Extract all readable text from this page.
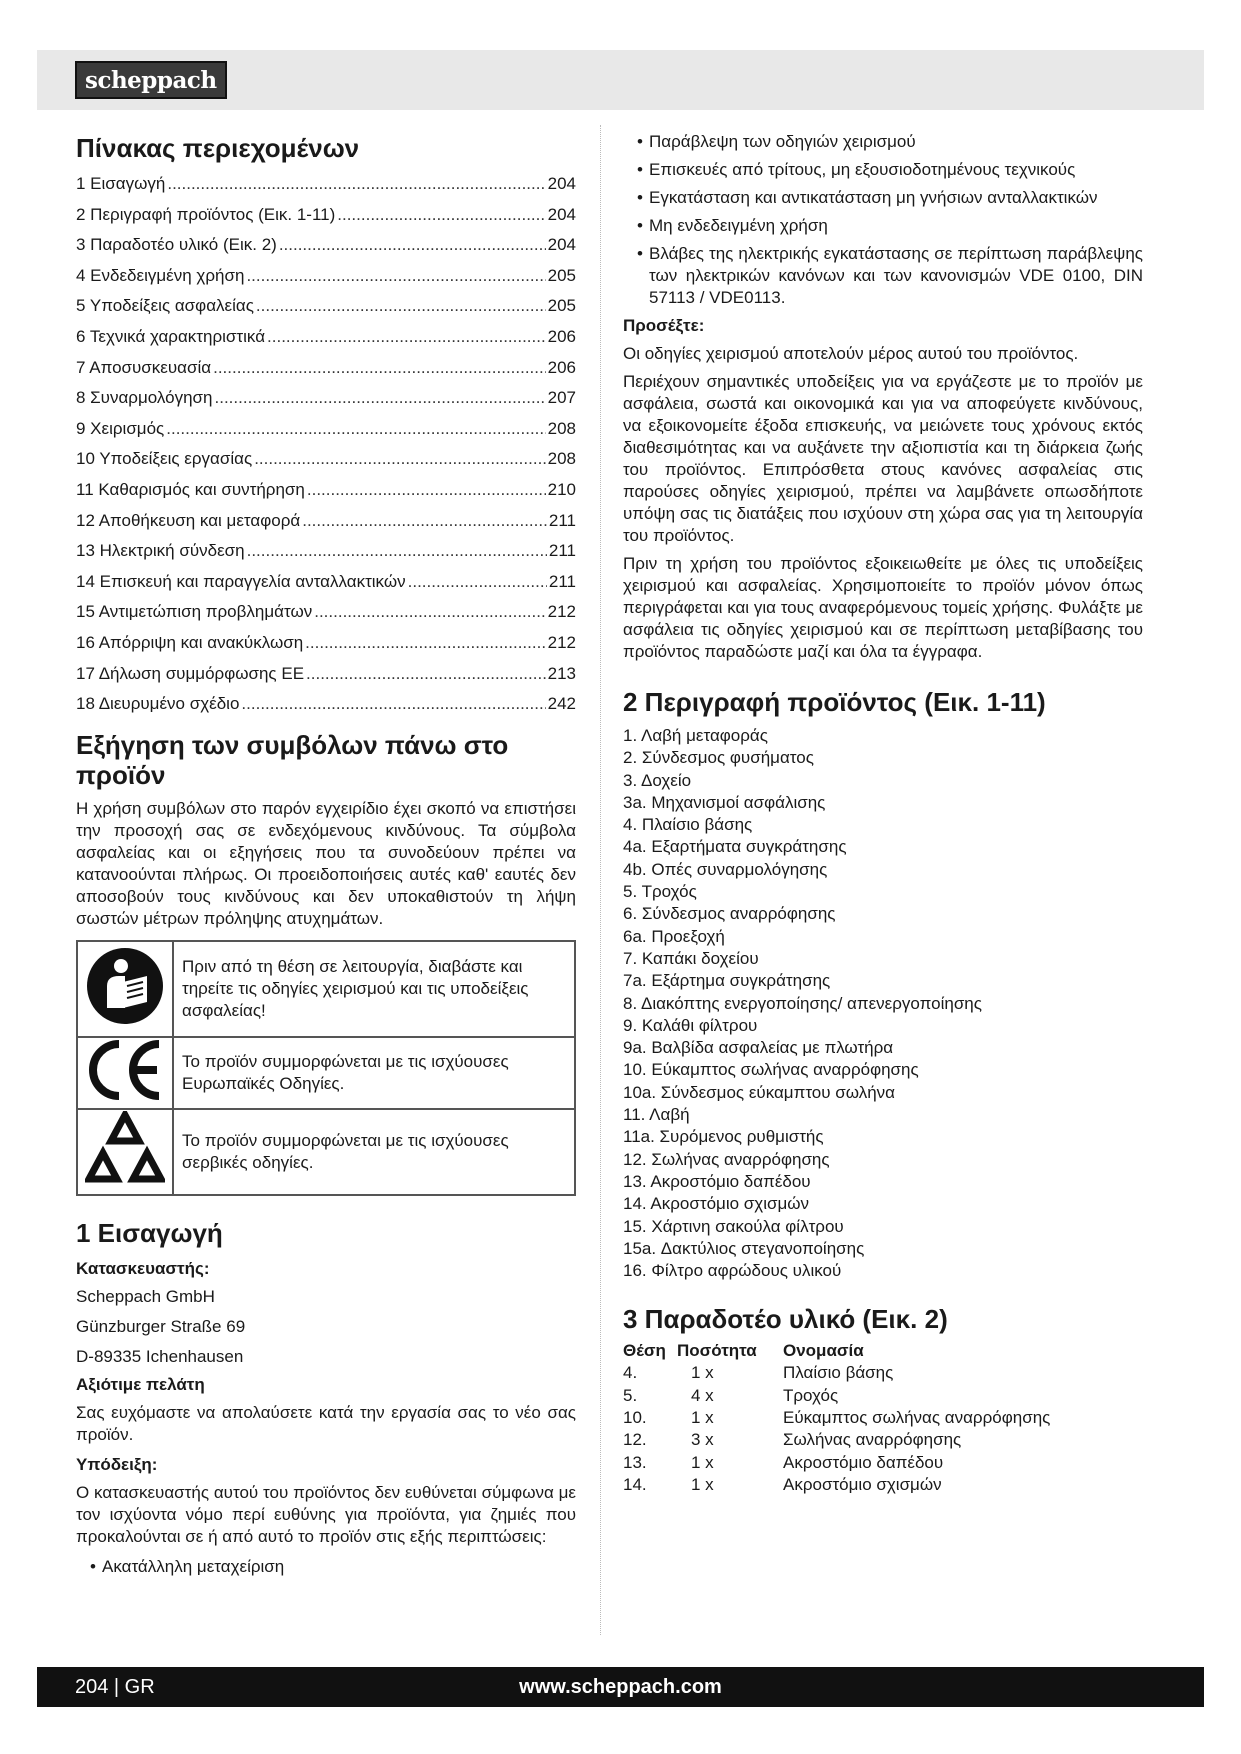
scheppach
Πίνακας περιεχομένων
1 Εισαγωγή .....	204
2 Περιγραφή προϊόντος (Εικ. 1-11) .....	204
3 Παραδοτέο υλικό (Εικ. 2) .....	204
4 Ενδεδειγμένη χρήση .....	205
5 Υποδείξεις ασφαλείας .....	205
6 Τεχνικά χαρακτηριστικά .....	206
7 Αποσυσκευασία .....	206
8 Συναρμολόγηση .....	207
9 Χειρισμός .....	208
10 Υποδείξεις εργασίας .....	208
11 Καθαρισμός και συντήρηση .....	210
12 Αποθήκευση και μεταφορά .....	211
13 Ηλεκτρική σύνδεση .....	211
14 Επισκευή και παραγγελία ανταλλακτικών .....	211
15 Αντιμετώπιση προβλημάτων .....	212
16 Απόρριψη και ανακύκλωση .....	212
17 Δήλωση συμμόρφωσης ΕΕ .....	213
18 Διευρυμένο σχέδιο .....	242
Εξήγηση των συμβόλων πάνω στο προϊόν

Η χρήση συμβόλων στο παρόν εγχειρίδιο έχει σκοπό να επιστήσει την προσοχή σας σε ενδεχόμενους κινδύνους. Τα σύμβολα ασφαλείας και οι εξηγήσεις που τα συνοδεύουν πρέπει να κατανοούνται πλήρως. Οι προειδοποιήσεις αυτές καθ' εαυτές δεν αποσοβούν τους κινδύνους και δεν υποκαθιστούν τη λήψη σωστών μέτρων πρόληψης ατυχημάτων.

	Πριν από τη θέση σε λειτουργία, διαβάστε και τηρείτε τις οδηγίες χειρισμού και τις υποδείξεις ασφαλείας!
	Το προϊόν συμμορφώνεται με τις ισχύουσες Ευρωπαϊκές Οδηγίες.
	Το προϊόν συμμορφώνεται με τις ισχύουσες σερβικές οδηγίες.
1 Εισαγωγή
Κατασκευαστής:
Scheppach GmbH
Günzburger Straße 69
D-89335 Ichenhausen
Αξιότιμε πελάτη

Σας ευχόμαστε να απολαύσετε κατά την εργασία σας το νέο σας προϊόν.

Υπόδειξη:

Ο κατασκευαστής αυτού του προϊόντος δεν ευθύνεται σύμφωνα με τον ισχύοντα νόμο περί ευθύνης για προϊόντα, για ζημιές που προκαλούνται σε ή από αυτό το προϊόν στις εξής περιπτώσεις:

• Ακατάλληλη μεταχείριση
• Παράβλεψη των οδηγιών χειρισμού
• Επισκευές από τρίτους, μη εξουσιοδοτημένους τεχνικούς
• Εγκατάσταση και αντικατάσταση μη γνήσιων ανταλλακτικών
• Μη ενδεδειγμένη χρήση
• Βλάβες της ηλεκτρικής εγκατάστασης σε περίπτωση παράβλεψης των ηλεκτρικών κανόνων και των κανονισμών VDE 0100, DIN 57113 / VDE0113.
Προσέξτε:

Οι οδηγίες χειρισμού αποτελούν μέρος αυτού του προϊόντος.

Περιέχουν σημαντικές υποδείξεις για να εργάζεστε με το προϊόν με ασφάλεια, σωστά και οικονομικά και για να αποφεύγετε κινδύνους, να εξοικονομείτε έξοδα επισκευής, να μειώνετε τους χρόνους εκτός διαθεσιμότητας και να αυξάνετε την αξιοπιστία και τη διάρκεια ζωής του προϊόντος. Επιπρόσθετα στους κανόνες ασφαλείας στις παρούσες οδηγίες χειρισμού, πρέπει να λαμβάνετε οπωσδήποτε υπόψη σας τις διατάξεις που ισχύουν στη χώρα σας για τη λειτουργία του προϊόντος.

Πριν τη χρήση του προϊόντος εξοικειωθείτε με όλες τις υποδείξεις χειρισμού και ασφαλείας. Χρησιμοποιείτε το προϊόν μόνον όπως περιγράφεται και για τους αναφερόμενους τομείς χρήσης. Φυλάξτε με ασφάλεια τις οδηγίες χειρισμού και σε περίπτωση μεταβίβασης του προϊόντος παραδώστε μαζί και όλα τα έγγραφα.

2 Περιγραφή προϊόντος (Εικ. 1-11)
1. Λαβή μεταφοράς
2. Σύνδεσμος φυσήματος
3. Δοχείο
3a. Μηχανισμοί ασφάλισης
4. Πλαίσιο βάσης
4a. Εξαρτήματα συγκράτησης
4b. Οπές συναρμολόγησης
5. Τροχός
6. Σύνδεσμος αναρρόφησης
6a. Προεξοχή
7. Καπάκι δοχείου
7a. Εξάρτημα συγκράτησης
8. Διακόπτης ενεργοποίησης/ απενεργοποίησης
9. Καλάθι φίλτρου
9a. Βαλβίδα ασφαλείας με πλωτήρα
10. Εύκαμπτος σωλήνας αναρρόφησης
10a. Σύνδεσμος εύκαμπτου σωλήνα
11. Λαβή
11a. Συρόμενος ρυθμιστής
12. Σωλήνας αναρρόφησης
13. Ακροστόμιο δαπέδου
14. Ακροστόμιο σχισμών
15. Χάρτινη σακούλα φίλτρου
15a. Δακτύλιος στεγανοποίησης
16. Φίλτρο αφρώδους υλικού
3 Παραδοτέο υλικό (Εικ. 2)
Θέση	Ποσότητα	Ονομασία
4.	1 x	Πλαίσιο βάσης
5.	4 x	Τροχός
10.	1 x	Εύκαμπτος σωλήνας αναρρόφησης
12.	3 x	Σωλήνας αναρρόφησης
13.	1 x	Ακροστόμιο δαπέδου
14.	1 x	Ακροστόμιο σχισμών
www.scheppach.com
204 | GR
